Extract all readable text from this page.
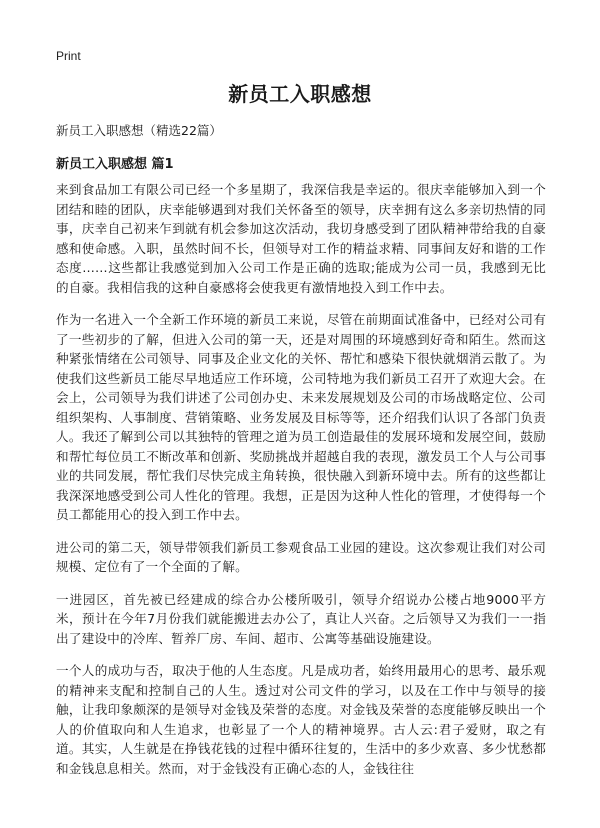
Print
新员工入职感想

新员工入职感想（精选22篇）

新员工入职感想 篇1

来到食品加工有限公司已经一个多星期了，我深信我是幸运的。很庆幸能够加入到一个团结和睦的团队，庆幸能够遇到对我们关怀备至的领导，庆幸拥有这么多亲切热情的同事，庆幸自己初来乍到就有机会参加这次活动，我切身感受到了团队精神带给我的自豪感和使命感。入职，虽然时间不长，但领导对工作的精益求精、同事间友好和谐的工作态度……这些都让我感觉到加入公司工作是正确的选取;能成为公司一员，我感到无比的自豪。我相信我的这种自豪感将会使我更有激情地投入到工作中去。

作为一名进入一个全新工作环境的新员工来说，尽管在前期面试准备中，已经对公司有了一些初步的了解，但进入公司的第一天，还是对周围的环境感到好奇和陌生。然而这种紧张情绪在公司领导、同事及企业文化的关怀、帮忙和感染下很快就烟消云散了。为使我们这些新员工能尽早地适应工作环境，公司特地为我们新员工召开了欢迎大会。在会上，公司领导为我们讲述了公司创办史、未来发展规划及公司的市场战略定位、公司组织架构、人事制度、营销策略、业务发展及目标等等，还介绍我们认识了各部门负责人。我还了解到公司以其独特的管理之道为员工创造最佳的发展环境和发展空间，鼓励和帮忙每位员工不断改革和创新、奖励挑战并超越自我的表现，激发员工个人与公司事业的共同发展，帮忙我们尽快完成主角转换，很快融入到新环境中去。所有的这些都让我深深地感受到公司人性化的管理。我想，正是因为这种人性化的管理，才使得每一个员工都能用心的投入到工作中去。

进公司的第二天，领导带领我们新员工参观食品工业园的建设。这次参观让我们对公司规模、定位有了一个全面的了解。

一进园区，首先被已经建成的综合办公楼所吸引，领导介绍说办公楼占地9000平方米，预计在今年7月份我们就能搬进去办公了，真让人兴奋。之后领导又为我们一一指出了建设中的冷库、暂养厂房、车间、超市、公寓等基础设施建设。

一个人的成功与否，取决于他的人生态度。凡是成功者，始终用最用心的思考、最乐观的精神来支配和控制自己的人生。透过对公司文件的学习，以及在工作中与领导的接触，让我印象颇深的是领导对金钱及荣誉的态度。对金钱及荣誉的态度能够反映出一个人的价值取向和人生追求，也彰显了一个人的精神境界。古人云:君子爱财，取之有道。其实，人生就是在挣钱花钱的过程中循环往复的，生活中的多少欢喜、多少忧愁都和金钱息息相关。然而，对于金钱没有正确心态的人，金钱往往
